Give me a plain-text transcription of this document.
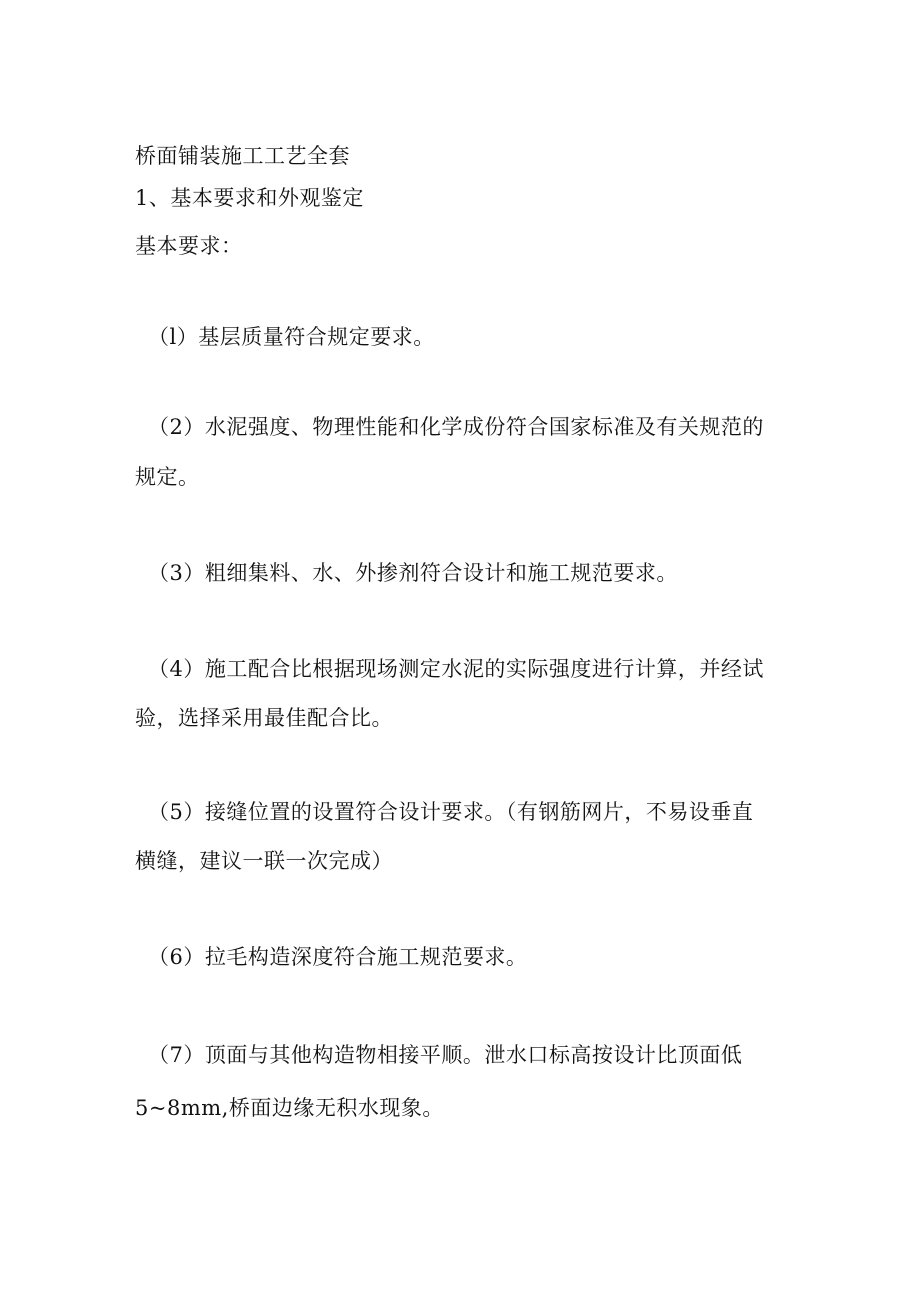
桥面铺装施工工艺全套
1、基本要求和外观鉴定
基本要求：
（l）基层质量符合规定要求。
（2）水泥强度、物理性能和化学成份符合国家标准及有关规范的
规定。
（3）粗细集料、水、外掺剂符合设计和施工规范要求。
（4）施工配合比根据现场测定水泥的实际强度进行计算，并经试
验，选择采用最佳配合比。
（5）接缝位置的设置符合设计要求。（有钢筋网片，不易设垂直
横缝，建议一联一次完成）
（6）拉毛构造深度符合施工规范要求。
（7）顶面与其他构造物相接平顺。泄水口标高按设计比顶面低
5~8mm,桥面边缘无积水现象。
